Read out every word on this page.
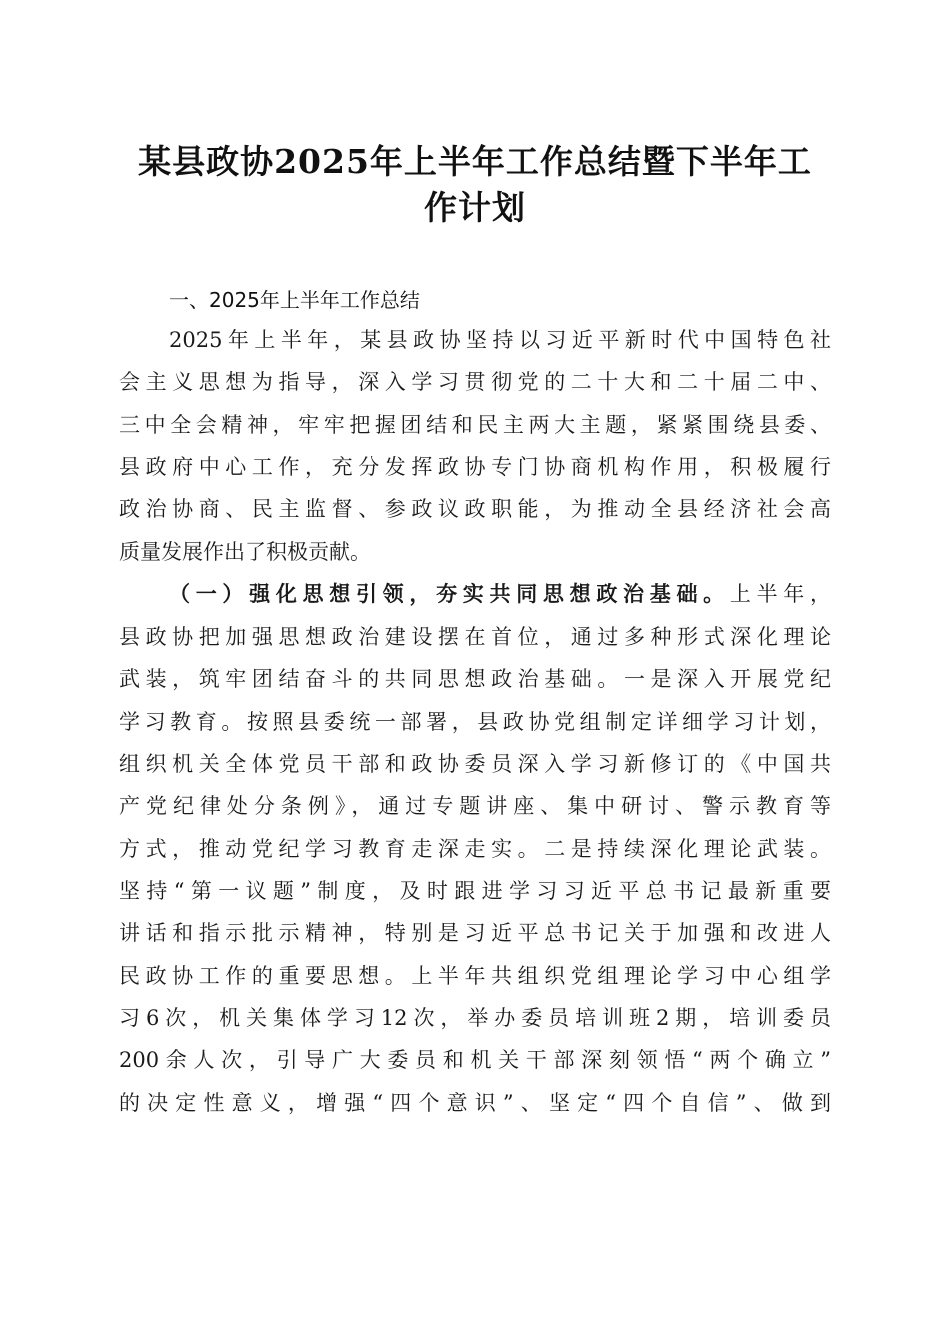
某县政协2025年上半年工作总结暨下半年工
作计划
一、2025年上半年工作总结
2025年上半年，某县政协坚持以习近平新时代中国特色社
会主义思想为指导，深入学习贯彻党的二十大和二十届二中、
三中全会精神，牢牢把握团结和民主两大主题，紧紧围绕县委、
县政府中心工作，充分发挥政协专门协商机构作用，积极履行
政治协商、民主监督、参政议政职能，为推动全县经济社会高
质量发展作出了积极贡献。
（一）强化思想引领，夯实共同思想政治基础。上半年，
县政协把加强思想政治建设摆在首位，通过多种形式深化理论
武装，筑牢团结奋斗的共同思想政治基础。一是深入开展党纪
学习教育。按照县委统一部署，县政协党组制定详细学习计划，
组织机关全体党员干部和政协委员深入学习新修订的《中国共
产党纪律处分条例》，通过专题讲座、集中研讨、警示教育等
方式，推动党纪学习教育走深走实。二是持续深化理论武装。
坚持“第一议题”制度，及时跟进学习习近平总书记最新重要
讲话和指示批示精神，特别是习近平总书记关于加强和改进人
民政协工作的重要思想。上半年共组织党组理论学习中心组学
习6次，机关集体学习12次，举办委员培训班2期，培训委员
200余人次，引导广大委员和机关干部深刻领悟“两个确立”
的决定性意义，增强“四个意识”、坚定“四个自信”、做到
